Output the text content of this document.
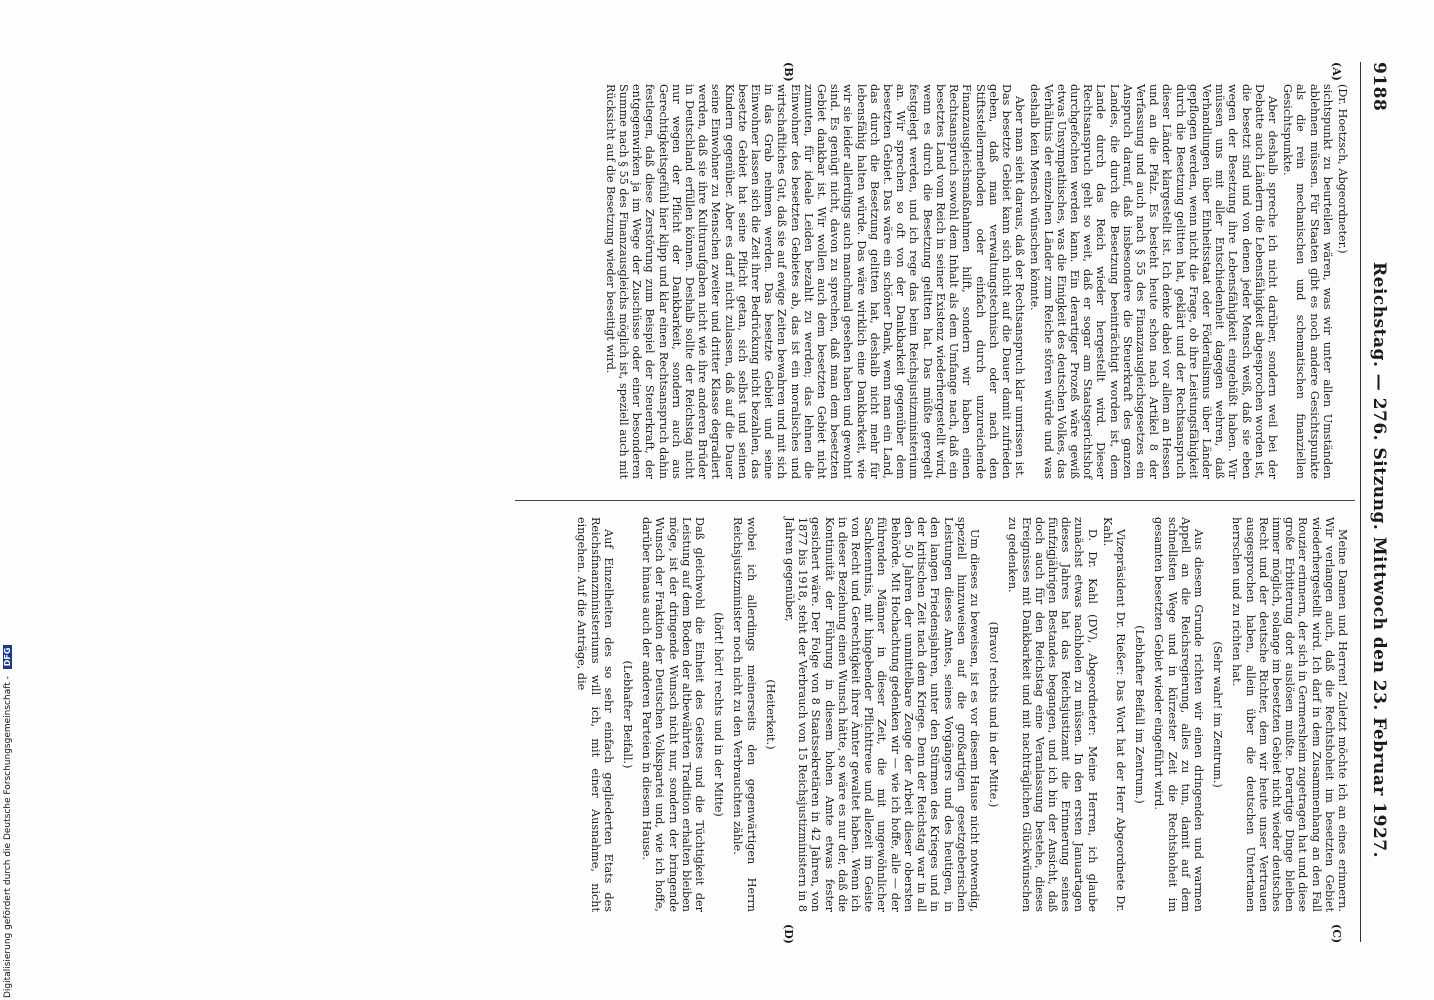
9188
Reichstag. — 276. Sitzung. Mittwoch den 23. Februar 1927.
(A)
(B)
(C)
(D)

(Dr. Hoetzsch, Abgeordneter.)

sichtspunkt zu beurteilen wären, was wir unter allen Umständen ablehnen müssen. Für Staaten gibt es noch andere Gesichtspunkte als die rein mechanischen und schematischen finanziellen Gesichtspunkte.

Aber deshalb spreche ich nicht darüber, sondern weil bei der Debatte auch Ländern die Lebensfähigkeit abgesprochen worden ist, die besetzt sind und von denen jeder Mensch weiß, daß sie eben wegen der Besetzung ihre Lebensfähigkeit eingebüßt haben. Wir müssen uns mit aller Entschiedenheit dagegen wehren, daß Verhandlungen über Einheitsstaat oder Föderalismus über Länder gepflogen werden, wenn nicht die Frage, ob ihre Leistungsfähigkeit durch die Besetzung gelitten hat, geklärt und der Rechtsanspruch dieser Länder klargestellt ist. Ich denke dabei vor allem an Hessen und an die Pfalz. Es besteht heute schon nach Artikel 8 der Verfassung und auch nach § 55 des Finanzausgleichsgesetzes ein Anspruch darauf, daß insbesondere die Steuerkraft des ganzen Landes, die durch die Besetzung beeinträchtigt worden ist, dem Lande durch das Reich wieder hergestellt wird. Dieser Rechtsanspruch geht so weit, daß er sogar am Staatsgerichtshof durchgefochten werden kann. Ein derartiger Prozeß wäre gewiß etwas Unsympathisches, was die Einigkeit des deutschen Volkes, das Verhältnis der einzelnen Länder zum Reiche stören würde und was deshalb kein Mensch wünschen könnte.

Aber man sieht daraus, daß der Rechtsanspruch klar umrissen ist. Das besetzte Gebiet kann sich nicht auf die Dauer damit zufrieden geben, daß man verwaltungstechnisch oder nach den Stiftsstellermethoden oder einfach durch unzureichende Finanzausgleichsmaßnahmen hilft, sondern wir haben einen Rechtsanspruch sowohl dem Inhalt als dem Umfange nach, daß ein besetztes Land vom Reich in seiner Existenz wiederhergestellt wird, wenn es durch die Besetzung gelitten hat. Das müßte geregelt festgelegt werden, und ich rege das beim Reichsjustizministerium an. Wir sprechen so oft von der Dankbarkeit gegenüber dem besetzten Gebiet. Das wäre ein schöner Dank, wenn man ein Land, das durch die Besetzung gelitten hat, deshalb nicht mehr für lebensfähig halten würde. Das wäre wirklich eine Dankbarkeit, wie wir sie leider allerdings auch manchmal gesehen haben und gewohnt sind. Es genügt nicht, davon zu sprechen, daß man dem besetzten Gebiet dankbar ist. Wir wollen auch dem besetzten Gebiet nicht zumuten, für ideale Leiden bezahlt zu werden; das lehnen die Einwohner des besetzten Gebietes ab, das ist ein moralisches und wirtschaftliches Gut, daß sie auf ewige Zeiten bewahren und mit sich in das Grab nehmen werden. Das besetzte Gebiet und seine Einwohner lassen sich die Zeit ihrer Bedrückung nicht bezahlen, das besetzte Gebiet hat seine Pflicht getan, sich selbst und seinen Kindern gegenüber. Aber es darf nicht zulassen, daß auf die Dauer seine Einwohner zu Menschen zweiter und dritter Klasse degradiert werden, daß sie ihre Kulturaufgaben nicht wie ihre anderen Brüder in Deutschland erfüllen können. Deshalb sollte der Reichstag nicht nur wegen der Pflicht der Dankbarkeit, sondern auch aus Gerechtigkeitsgefühl hier klipp und klar einen Rechtsanspruch dahin festlegen, daß diese Zerstörung zum Beispiel der Steuerkraft, der entgegenwirken ja im Wege der Zuschüsse oder einer besonderen Summe nach § 55 des Finanzausgleichs möglich ist, speziell auch mit Rücksicht auf die Besetzung wieder beseitigt wird.

Meine Damen und Herren! Zuletzt möchte ich an eines erinnern. Wir verlangen auch, daß die Rechtshoheit im besetzten Gebiet wiederhergestellt wird. Ich darf in dem Zusammenhang an den Fall Rouzier erinnern, der sich in Germersheim zugetragen hat und diese große Erbitterung dort auslösen mußte. Derartige Dinge bleiben immer möglich, solange im besetzten Gebiet nicht wieder deutsches Recht und der deutsche Richter, dem wir heute unser Vertrauen ausgesprochen haben, allein über die deutschen Untertanen herrschen und zu richten hat.

(Sehr wahr! im Zentrum.)

Aus diesem Grunde richten wir einen dringenden und warmen Appell an die Reichsregierung, alles zu tun, damit auf dem schnellsten Wege und in kürzester Zeit die Rechtshoheit im gesamten besetzten Gebiet wieder eingeführt wird.

(Lebhafter Beifall im Zentrum.)

Vizepräsident Dr. Rießer: Das Wort hat der Herr Abgeordnete Dr. Kahl.

D. Dr. Kahl (DV), Abgeordneter: Meine Herren, ich glaube zunächst etwas nachholen zu müssen. In den ersten Januartagen dieses Jahres hat das Reichsjustizamt die Erinnerung seines fünfzigjährigen Bestandes begangen, und ich bin der Ansicht, daß doch auch für den Reichstag eine Veranlassung bestehe, dieses Ereignisses mit Dankbarkeit und mit nachträglichen Glückwünschen zu gedenken.

(Bravo! rechts und in der Mitte.)

Um dieses zu beweisen, ist es vor diesem Hause nicht notwendig, speziell hinzuweisen auf die großartigen gesetzgeberischen Leistungen dieses Amtes, seines Vorgängers und des heutigen, in den langen Friedensjahren, unter den Stürmen des Krieges und in der kritischen Zeit nach dem Kriege. Denn der Reichstag war in all den 50 Jahren der unmittelbare Zeuge der Arbeit dieser obersten Behörde. Mit Hochachtung gedenken wir — wie ich hoffe, alle — der führenden Männer in dieser Zeit, die mit ungewöhnlicher Sachkenntnis, mit hingebender Pflichttreue und allezeit im Geiste von Recht und Gerechtigkeit ihrer Ämter gewaltet haben. Wenn ich in dieser Beziehung einen Wunsch hätte, so wäre es nur der, daß die Kontinuität der Führung in diesem hohen Amte etwas fester gesichert wäre. Der Folge von 8 Staatssekretären in 42 Jahren, von 1877 bis 1918, steht der Verbrauch von 15 Reichsjustizministern in 8 Jahren gegenüber,

(Heiterkeit.)

wobei ich allerdings meinerseits den gegenwärtigen Herrn Reichsjustizminister noch nicht zu den Verbrauchten zähle.

(hört! hört! rechts und in der Mitte)

Daß gleichwohl die Einheit des Geistes und die Tüchtigkeit der Leistung auf dem Boden der altbewährten Tradition erhalten bleiben möge, ist der dringende Wunsch nicht nur, sondern der bringende Wunsch der Fraktion der Deutschen Volkspartei und, wie ich hoffe, darüber hinaus auch der anderen Parteien in diesem Hause.

(Lebhafter Beifall.)

Auf Einzelheiten des so sehr einfach gegliederten Etats des Reichsfinanzministeriums will ich, mit einer Ausnahme, nicht eingehen. Auf die Anträge, die

Digitalisierung gefördert durch die Deutsche Forschungsgemeinschaft - DFG
